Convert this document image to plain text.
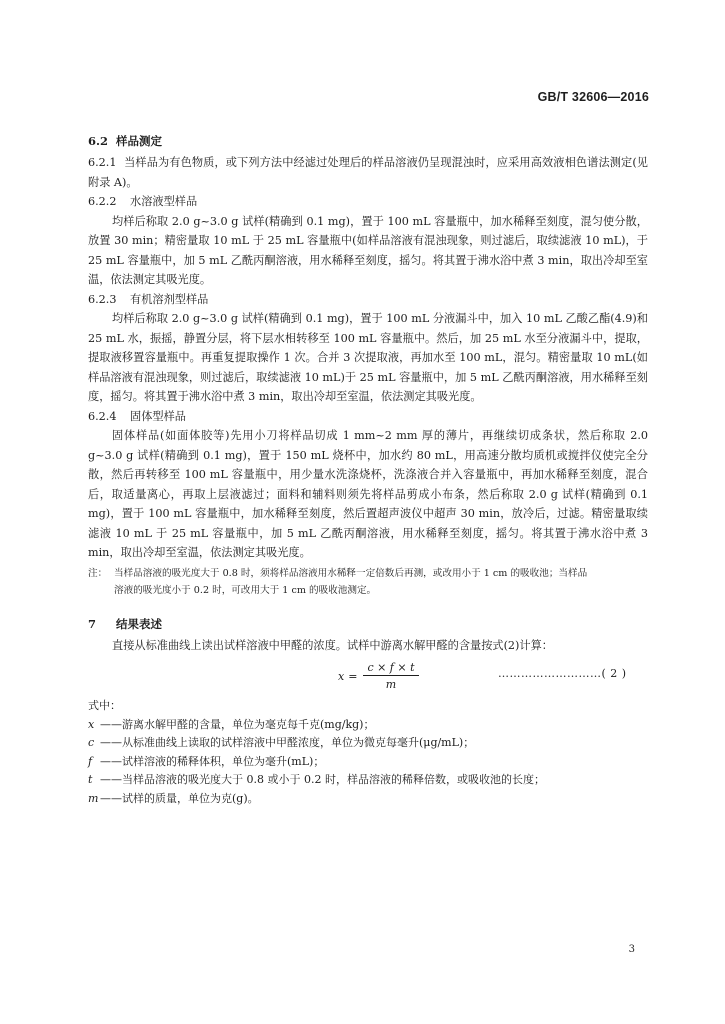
GB/T 32606—2016

6.2 样品测定

6.2.1 当样品为有色物质，或下列方法中经滤过处理后的样品溶液仍呈现混浊时，应采用高效液相色谱法测定(见附录 A)。

6.2.2 水溶液型样品

均样后称取 2.0 g~3.0 g 试样(精确到 0.1 mg)，置于 100 mL 容量瓶中，加水稀释至刻度，混匀使分散，放置 30 min；精密量取 10 mL 于 25 mL 容量瓶中(如样品溶液有混浊现象，则过滤后，取续滤液 10 mL)，于 25 mL 容量瓶中，加 5 mL 乙酰丙酮溶液，用水稀释至刻度，摇匀。将其置于沸水浴中煮 3 min，取出冷却至室温，依法测定其吸光度。

6.2.3 有机溶剂型样品

均样后称取 2.0 g~3.0 g 试样(精确到 0.1 mg)，置于 100 mL 分液漏斗中，加入 10 mL 乙酸乙酯(4.9)和 25 mL 水，振摇，静置分层，将下层水相转移至 100 mL 容量瓶中。然后，加 25 mL 水至分液漏斗中，提取，提取液移置容量瓶中。再重复提取操作 1 次。合并 3 次提取液，再加水至 100 mL，混匀。精密量取 10 mL(如样品溶液有混浊现象，则过滤后，取续滤液 10 mL)于 25 mL 容量瓶中，加 5 mL 乙酰丙酮溶液，用水稀释至刻度，摇匀。将其置于沸水浴中煮 3 min，取出冷却至室温，依法测定其吸光度。

6.2.4 固体型样品

固体样品(如面体胶等)先用小刀将样品切成 1 mm~2 mm 厚的薄片，再继续切成条状，然后称取 2.0 g~3.0 g 试样(精确到 0.1 mg)，置于 150 mL 烧杯中，加水约 80 mL，用高速分散均质机或搅拌仪使完全分散，然后再转移至 100 mL 容量瓶中，用少量水洗涤烧杯，洗涤液合并入容量瓶中，再加水稀释至刻度，混合后，取适量离心，再取上层液滤过；面料和辅料则须先将样品剪成小布条，然后称取 2.0 g 试样(精确到 0.1 mg)，置于 100 mL 容量瓶中，加水稀释至刻度，然后置超声波仪中超声 30 min，放冷后，过滤。精密量取续滤液 10 mL 于 25 mL 容量瓶中，加 5 mL 乙酰丙酮溶液，用水稀释至刻度，摇匀。将其置于沸水浴中煮 3 min，取出冷却至室温，依法测定其吸光度。

注： 当样品溶液的吸光度大于 0.8 时，须将样品溶液用水稀释一定倍数后再测，或改用小于 1 cm 的吸收池；当样品
溶液的吸光度小于 0.2 时，可改用大于 1 cm 的吸收池测定。

7 结果表述

直接从标准曲线上读出试样溶液中甲醛的浓度。试样中游离水解甲醛的含量按式(2)计算：

$x = \frac{c \times f \times t}{m}$	………………………( 2 )

式中：

x ——游离水解甲醛的含量，单位为毫克每千克(mg/kg)；

c ——从标准曲线上读取的试样溶液中甲醛浓度，单位为微克每毫升(μg/mL)；

f ——试样溶液的稀释体积，单位为毫升(mL)；

t ——当样品溶液的吸光度大于 0.8 或小于 0.2 时，样品溶液的稀释倍数，或吸收池的长度；

m ——试样的质量，单位为克(g)。

3
